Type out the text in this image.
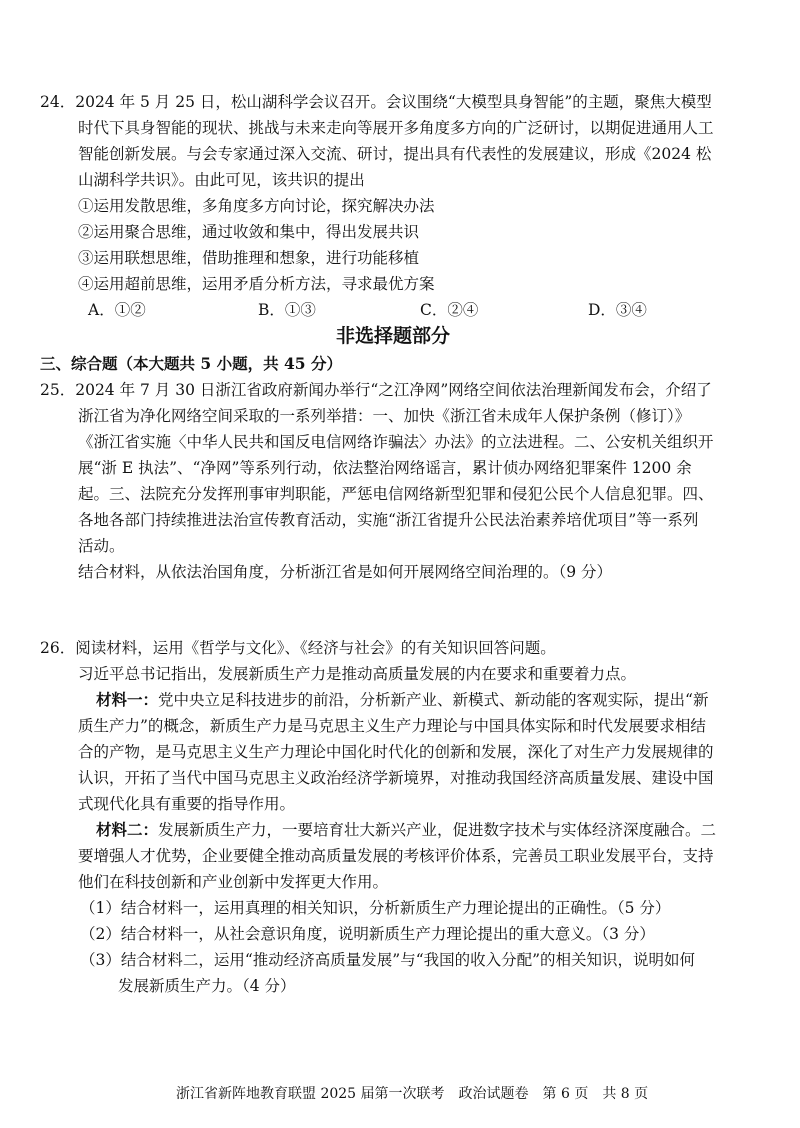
24．2024 年 5 月 25 日，松山湖科学会议召开。会议围绕“大模型具身智能”的主题，聚焦大模型
时代下具身智能的现状、挑战与未来走向等展开多角度多方向的广泛研讨，以期促进通用人工
智能创新发展。与会专家通过深入交流、研讨，提出具有代表性的发展建议，形成《2024 松
山湖科学共识》。由此可见，该共识的提出
①运用发散思维，多角度多方向讨论，探究解决办法
②运用聚合思维，通过收敛和集中，得出发展共识
③运用联想思维，借助推理和想象，进行功能移植
④运用超前思维，运用矛盾分析方法，寻求最优方案
A．①②	B．①③	C．②④	D．③④
非选择题部分
三、综合题（本大题共 5 小题，共 45 分）
25．2024 年 7 月 30 日浙江省政府新闻办举行“之江净网”网络空间依法治理新闻发布会，介绍了
浙江省为净化网络空间采取的一系列举措：一、加快《浙江省未成年人保护条例（修订）》
《浙江省实施〈中华人民共和国反电信网络诈骗法〉办法》的立法进程。二、公安机关组织开
展“浙 E 执法”、“净网”等系列行动，依法整治网络谣言，累计侦办网络犯罪案件 1200 余
起。三、法院充分发挥刑事审判职能，严惩电信网络新型犯罪和侵犯公民个人信息犯罪。四、
各地各部门持续推进法治宣传教育活动，实施“浙江省提升公民法治素养培优项目”等一系列
活动。
结合材料，从依法治国角度，分析浙江省是如何开展网络空间治理的。（9 分）
26．阅读材料，运用《哲学与文化》、《经济与社会》的有关知识回答问题。
习近平总书记指出，发展新质生产力是推动高质量发展的内在要求和重要着力点。
材料一：党中央立足科技进步的前沿，分析新产业、新模式、新动能的客观实际，提出“新
质生产力”的概念，新质生产力是马克思主义生产力理论与中国具体实际和时代发展要求相结
合的产物，是马克思主义生产力理论中国化时代化的创新和发展，深化了对生产力发展规律的
认识，开拓了当代中国马克思主义政治经济学新境界，对推动我国经济高质量发展、建设中国
式现代化具有重要的指导作用。
材料二：发展新质生产力，一要培育壮大新兴产业，促进数字技术与实体经济深度融合。二
要增强人才优势，企业要健全推动高质量发展的考核评价体系，完善员工职业发展平台，支持
他们在科技创新和产业创新中发挥更大作用。
（1）结合材料一，运用真理的相关知识，分析新质生产力理论提出的正确性。（5 分）
（2）结合材料一，从社会意识角度，说明新质生产力理论提出的重大意义。（3 分）
（3）结合材料二，运用“推动经济高质量发展”与“我国的收入分配”的相关知识，说明如何
发展新质生产力。（4 分）
浙江省新阵地教育联盟 2025 届第一次联考　政治试题卷　第 6 页　共 8 页
